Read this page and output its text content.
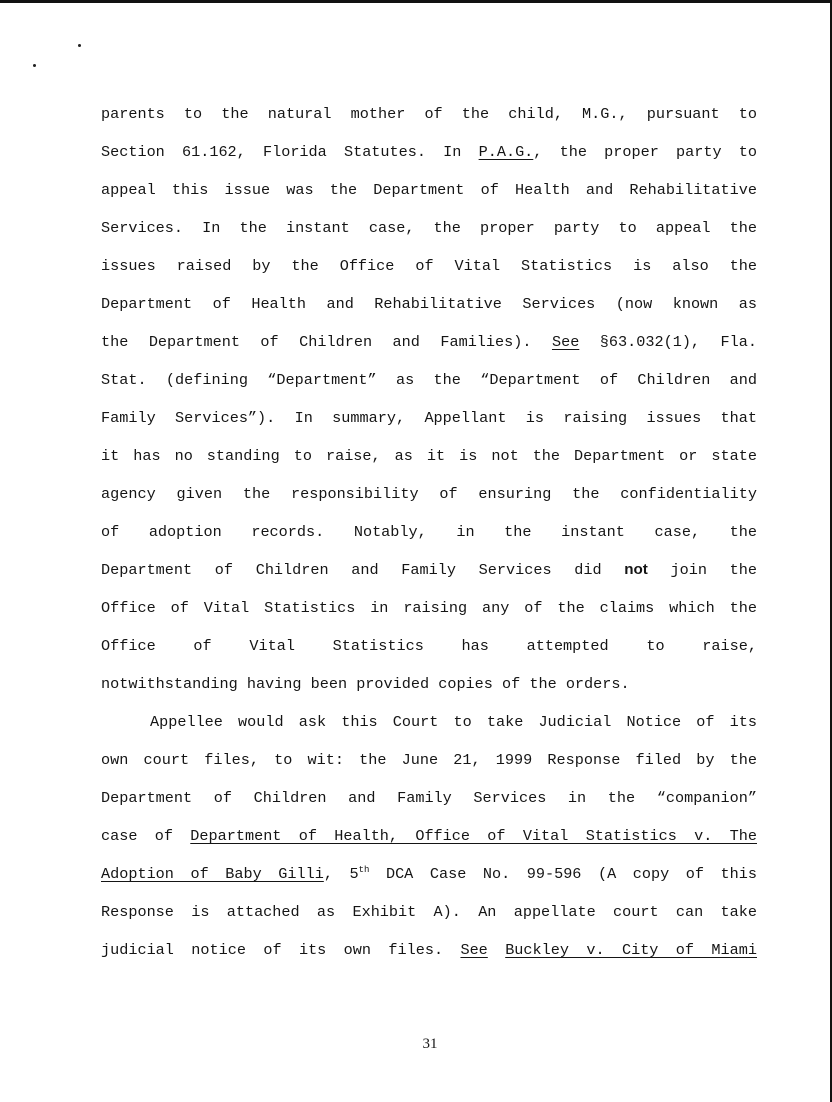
parents to the natural mother of the child, M.G., pursuant to
Section 61.162, Florida Statutes. In P.A.G., the proper party to
appeal this issue was the Department of Health and Rehabilitative
Services. In the instant case, the proper party to appeal the
issues raised by the Office of Vital Statistics is also the
Department of Health and Rehabilitative Services (now known as
the Department of Children and Families). See §63.032(1), Fla.
Stat. (defining “Department” as the “Department of Children and
Family Services”). In summary, Appellant is raising issues that
it has no standing to raise, as it is not the Department or state
agency given the responsibility of ensuring the confidentiality
of adoption records. Notably, in the instant case, the
Department of Children and Family Services did not join the
Office of Vital Statistics in raising any of the claims which the
Office of Vital Statistics has attempted to raise,
notwithstanding having been provided copies of the orders.
Appellee would ask this Court to take Judicial Notice of its
own court files, to wit: the June 21, 1999 Response filed by the
Department of Children and Family Services in the “companion”
case of Department of Health, Office of Vital Statistics v. The
Adoption of Baby Gilli, 5th DCA Case No. 99-596 (A copy of this
Response is attached as Exhibit A). An appellate court can take
judicial notice of its own files. See Buckley v. City of Miami
31
